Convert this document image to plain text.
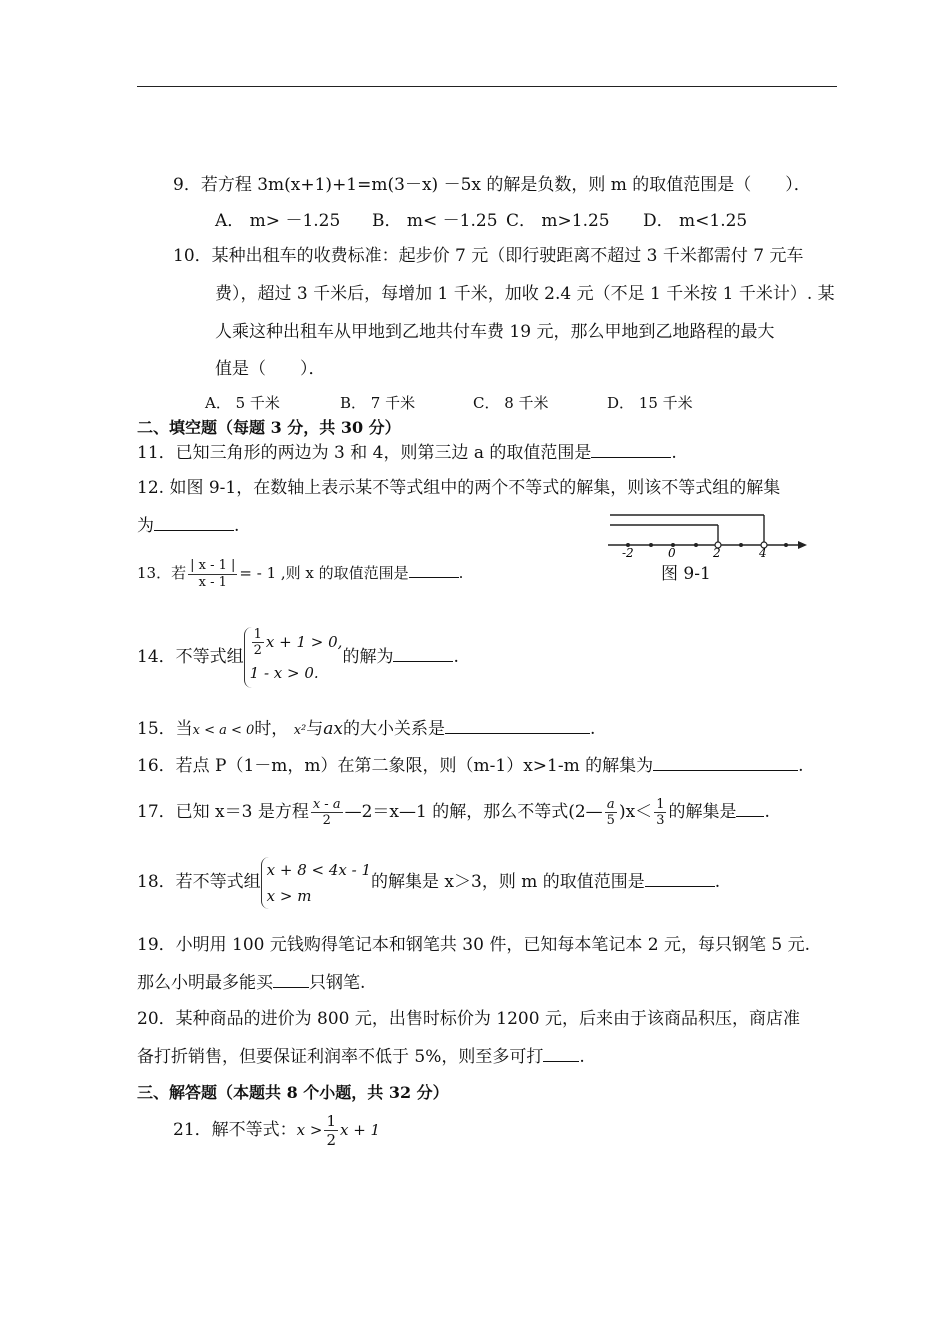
9．若方程 3m(x+1)+1=m(3－x) －5x 的解是负数，则 m 的取值范围是（　　）．
A． m> －1.25 B． m< －1.25 C． m>1.25 D． m<1.25
10．某种出租车的收费标准：起步价 7 元（即行驶距离不超过 3 千米都需付 7 元车
费），超过 3 千米后，每增加 1 千米，加收 2.4 元（不足 1 千米按 1 千米计）. 某
人乘这种出租车从甲地到乙地共付车费 19 元，那么甲地到乙地路程的最大
值是（　　）．
A． 5 千米	B． 7 千米	C． 8 千米	D． 15 千米
二、填空题（每题 3 分，共 30 分）
11．已知三角形的两边为 3 和 4，则第三边 a 的取值范围是	.
12. 如图 9-1，在数轴上表示某不等式组中的两个不等式的解集，则该不等式组的解集
为	.
-2	0	2	4
图 9-1
13．若 $\frac{| x - 1 |}{x - 1}$ = - 1 ,则 x 的取值范围是	.
14．不等式组 $\frac{1}{2}$ x + 1 > 0,
1 - x > 0.
的解为	.
15．当x < a < 0时， x²与ax的大小关系是	.
16．若点 P（1－m，m）在第二象限，则（m-1）x>1-m 的解集为	.
17．已知 x＝3 是方程 $\frac{x - a}{2}$ —2＝x—1 的解，那么不等式(2— $\frac{a}{5} )x< \frac{1}{3}$ 的解集是 .
18．若不等式组
x + 8 < 4x - 1
x > m
的解集是 x＞3，则 m 的取值范围是	.
19．小明用 100 元钱购得笔记本和钢笔共 30 件，已知每本笔记本 2 元，每只钢笔 5 元.
那么小明最多能买 只钢笔.
20．某种商品的进价为 800 元，出售时标价为 1200 元，后来由于该商品积压，商店准
备打折销售，但要保证利润率不低于 5%，则至多可打 .
三、解答题（本题共 8 个小题，共 32 分）
21．解不等式：$x > \frac{1}{2}$ x + 1
